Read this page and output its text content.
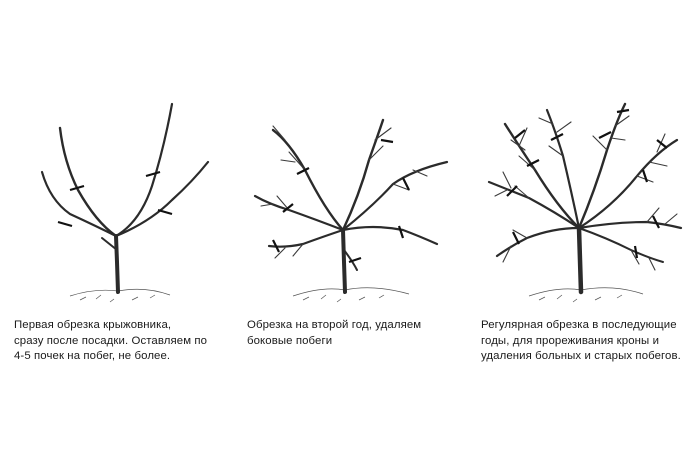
Первая обрезка крыжовника,
сразу после посадки. Оставляем по
4-5 почек на побег, не более.

Обрезка на второй год, удаляем
боковые побеги

Регулярная обрезка в последующие
годы, для прореживания кроны и
удаления больных и старых побегов.
